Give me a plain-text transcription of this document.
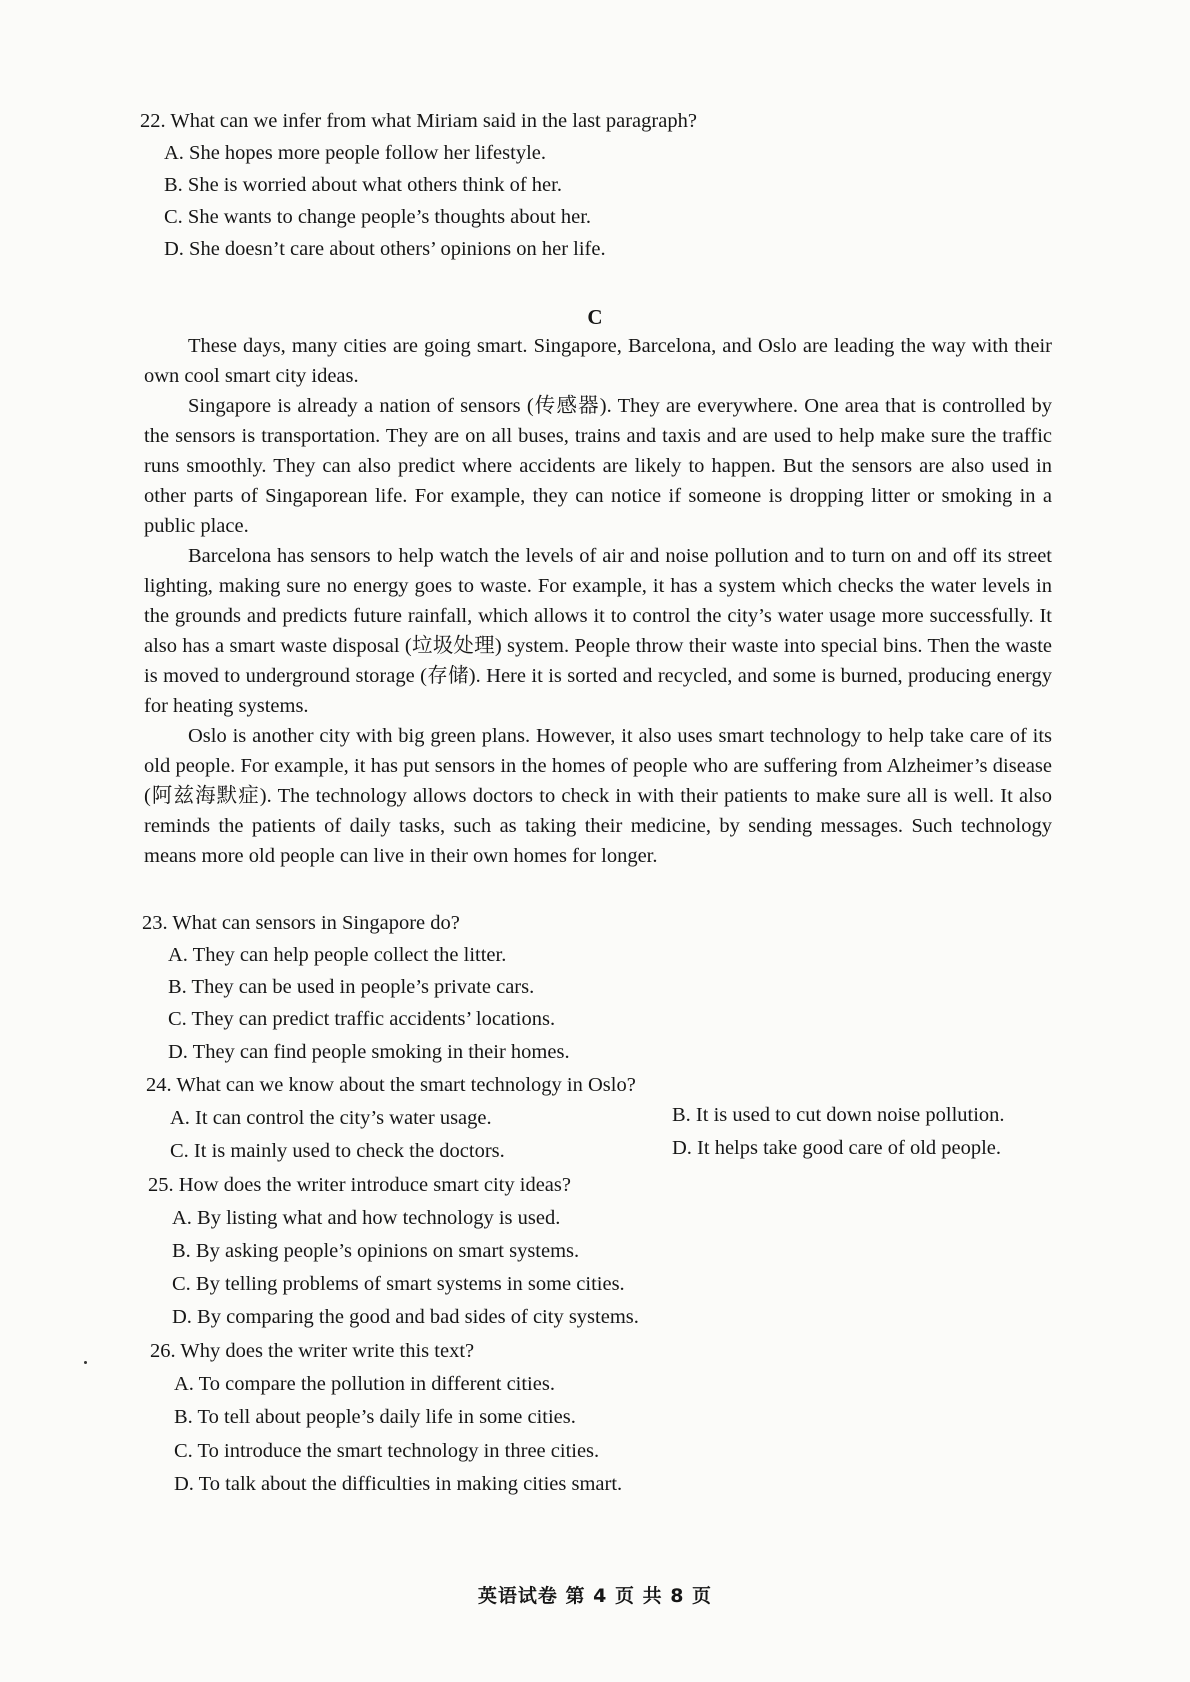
22. What can we infer from what Miriam said in the last paragraph?
A. She hopes more people follow her lifestyle.
B. She is worried about what others think of her.
C. She wants to change people’s thoughts about her.
D. She doesn’t care about others’ opinions on her life.
C

These days, many cities are going smart. Singapore, Barcelona, and Oslo are leading the way with their own cool smart city ideas.

Singapore is already a nation of sensors (传感器). They are everywhere. One area that is controlled by the sensors is transportation. They are on all buses, trains and taxis and are used to help make sure the traffic runs smoothly. They can also predict where accidents are likely to happen. But the sensors are also used in other parts of Singaporean life. For example, they can notice if someone is dropping litter or smoking in a public place.

Barcelona has sensors to help watch the levels of air and noise pollution and to turn on and off its street lighting, making sure no energy goes to waste. For example, it has a system which checks the water levels in the grounds and predicts future rainfall, which allows it to control the city’s water usage more successfully. It also has a smart waste disposal (垃圾处理) system. People throw their waste into special bins. Then the waste is moved to underground storage (存储). Here it is sorted and recycled, and some is burned, producing energy for heating systems.

Oslo is another city with big green plans. However, it also uses smart technology to help take care of its old people. For example, it has put sensors in the homes of people who are suffering from Alzheimer’s disease (阿兹海默症). The technology allows doctors to check in with their patients to make sure all is well. It also reminds the patients of daily tasks, such as taking their medicine, by sending messages. Such technology means more old people can live in their own homes for longer.

23. What can sensors in Singapore do?
A. They can help people collect the litter.
B. They can be used in people’s private cars.
C. They can predict traffic accidents’ locations.
D. They can find people smoking in their homes.
24. What can we know about the smart technology in Oslo?
A. It can control the city’s water usage.	B. It is used to cut down noise pollution.
C. It is mainly used to check the doctors.	D. It helps take good care of old people.
25. How does the writer introduce smart city ideas?
A. By listing what and how technology is used.
B. By asking people’s opinions on smart systems.
C. By telling problems of smart systems in some cities.
D. By comparing the good and bad sides of city systems.
26. Why does the writer write this text?
A. To compare the pollution in different cities.
B. To tell about people’s daily life in some cities.
C. To introduce the smart technology in three cities.
D. To talk about the difficulties in making cities smart.
英语试卷 第 4 页 共 8 页
